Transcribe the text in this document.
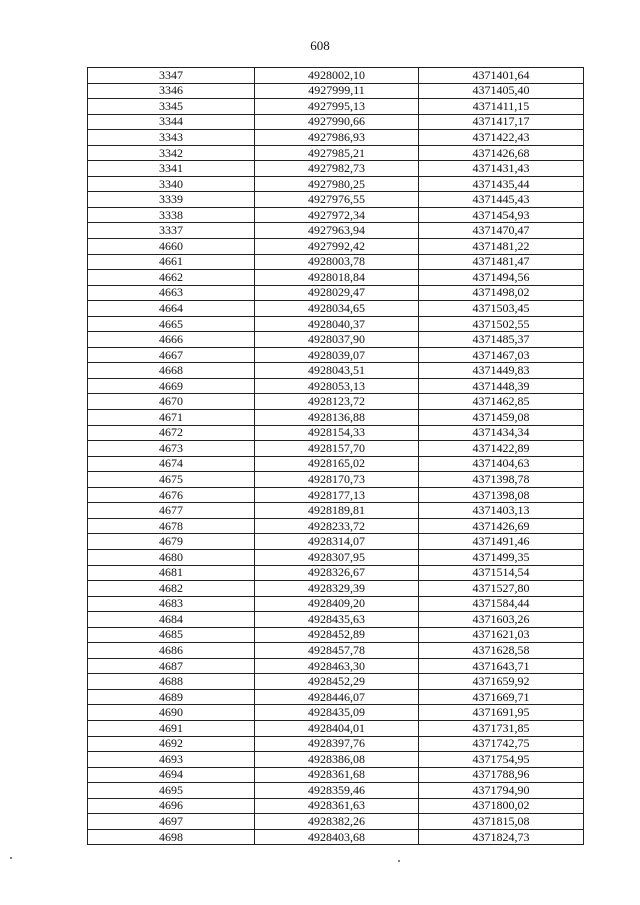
608
3347	4928002,10	4371401,64
3346	4927999,11	4371405,40
3345	4927995,13	4371411,15
3344	4927990,66	4371417,17
3343	4927986,93	4371422,43
3342	4927985,21	4371426,68
3341	4927982,73	4371431,43
3340	4927980,25	4371435,44
3339	4927976,55	4371445,43
3338	4927972,34	4371454,93
3337	4927963,94	4371470,47
4660	4927992,42	4371481,22
4661	4928003,78	4371481,47
4662	4928018,84	4371494,56
4663	4928029,47	4371498,02
4664	4928034,65	4371503,45
4665	4928040,37	4371502,55
4666	4928037,90	4371485,37
4667	4928039,07	4371467,03
4668	4928043,51	4371449,83
4669	4928053,13	4371448,39
4670	4928123,72	4371462,85
4671	4928136,88	4371459,08
4672	4928154,33	4371434,34
4673	4928157,70	4371422,89
4674	4928165,02	4371404,63
4675	4928170,73	4371398,78
4676	4928177,13	4371398,08
4677	4928189,81	4371403,13
4678	4928233,72	4371426,69
4679	4928314,07	4371491,46
4680	4928307,95	4371499,35
4681	4928326,67	4371514,54
4682	4928329,39	4371527,80
4683	4928409,20	4371584,44
4684	4928435,63	4371603,26
4685	4928452,89	4371621,03
4686	4928457,78	4371628,58
4687	4928463,30	4371643,71
4688	4928452,29	4371659,92
4689	4928446,07	4371669,71
4690	4928435,09	4371691,95
4691	4928404,01	4371731,85
4692	4928397,76	4371742,75
4693	4928386,08	4371754,95
4694	4928361,68	4371788,96
4695	4928359,46	4371794,90
4696	4928361,63	4371800,02
4697	4928382,26	4371815,08
4698	4928403,68	4371824,73
